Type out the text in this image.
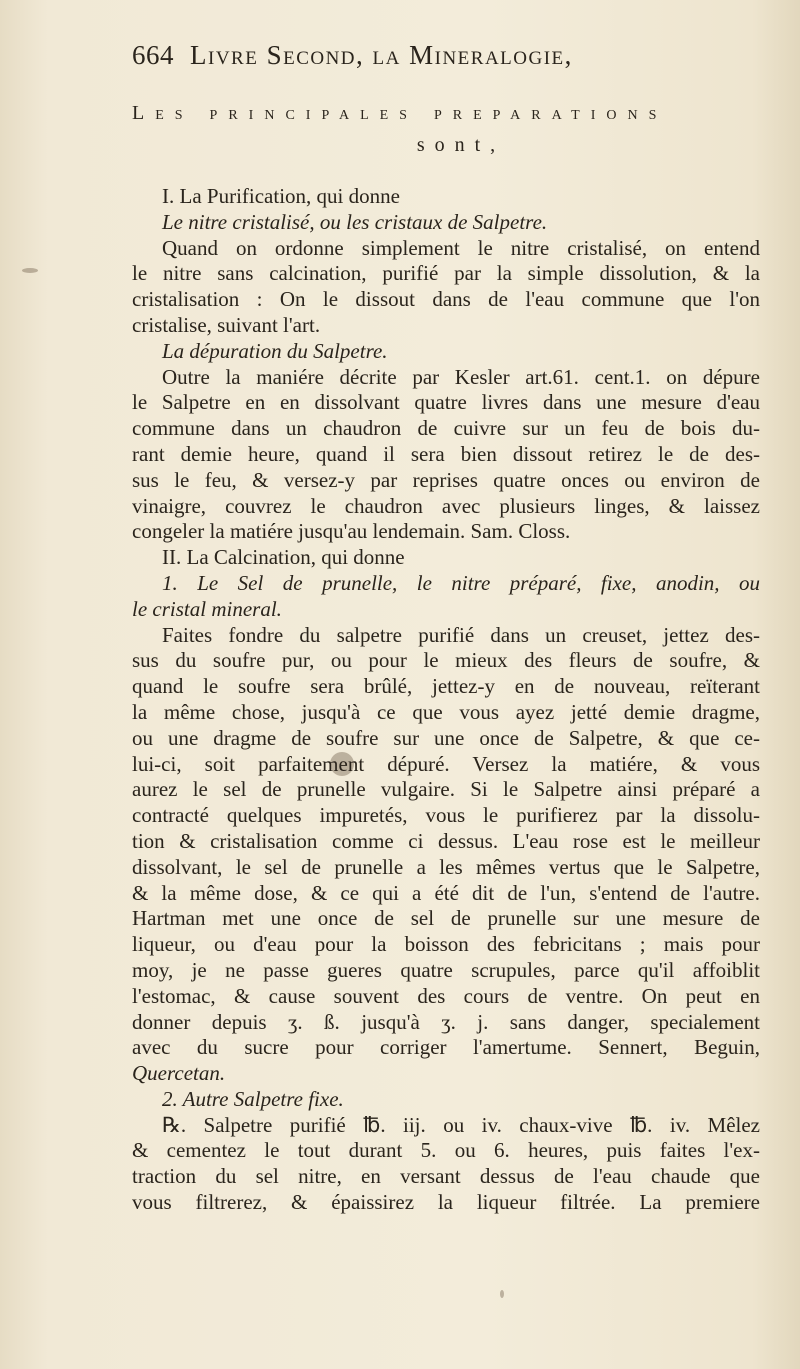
664 Livre Second, la Mineralogie,
Les principales preparations
sont,
I. La Purification, qui donne
Le nitre cristalisé, ou les cristaux de Salpetre.
Quand on ordonne simplement le nitre cristalisé, on entend
le nitre sans calcination, purifié par la simple dissolution, & la
cristalisation : On le dissout dans de l'eau commune que l'on
cristalise, suivant l'art.
La dépuration du Salpetre.
Outre la maniére décrite par Kesler art.61. cent.1. on dépure
le Salpetre en en dissolvant quatre livres dans une mesure d'eau
commune dans un chaudron de cuivre sur un feu de bois du-
rant demie heure, quand il sera bien dissout retirez le de des-
sus le feu, & versez-y par reprises quatre onces ou environ de
vinaigre, couvrez le chaudron avec plusieurs linges, & laissez
congeler la matiére jusqu'au lendemain. Sam. Closs.
II. La Calcination, qui donne
1. Le Sel de prunelle, le nitre préparé, fixe, anodin, ou
le cristal mineral.
Faites fondre du salpetre purifié dans un creuset, jettez des-
sus du soufre pur, ou pour le mieux des fleurs de soufre, &
quand le soufre sera brûlé, jettez-y en de nouveau, reïterant
la même chose, jusqu'à ce que vous ayez jetté demie dragme,
ou une dragme de soufre sur une once de Salpetre, & que ce-
lui-ci, soit parfaitement dépuré. Versez la matiére, & vous
aurez le sel de prunelle vulgaire. Si le Salpetre ainsi préparé a
contracté quelques impuretés, vous le purifierez par la dissolu-
tion & cristalisation comme ci dessus. L'eau rose est le meilleur
dissolvant, le sel de prunelle a les mêmes vertus que le Salpetre,
& la même dose, & ce qui a été dit de l'un, s'entend de l'autre.
Hartman met une once de sel de prunelle sur une mesure de
liqueur, ou d'eau pour la boisson des febricitans ; mais pour
moy, je ne passe gueres quatre scrupules, parce qu'il affoiblit
l'estomac, & cause souvent des cours de ventre. On peut en
donner depuis ʒ. ß. jusqu'à ʒ. j. sans danger, specialement
avec du sucre pour corriger l'amertume. Sennert, Beguin,
Quercetan.
2. Autre Salpetre fixe.
℞. Salpetre purifié ℔. iij. ou iv. chaux-vive ℔. iv. Mêlez
& cementez le tout durant 5. ou 6. heures, puis faites l'ex-
traction du sel nitre, en versant dessus de l'eau chaude que
vous filtrerez, & épaissirez la liqueur filtrée. La premiere
